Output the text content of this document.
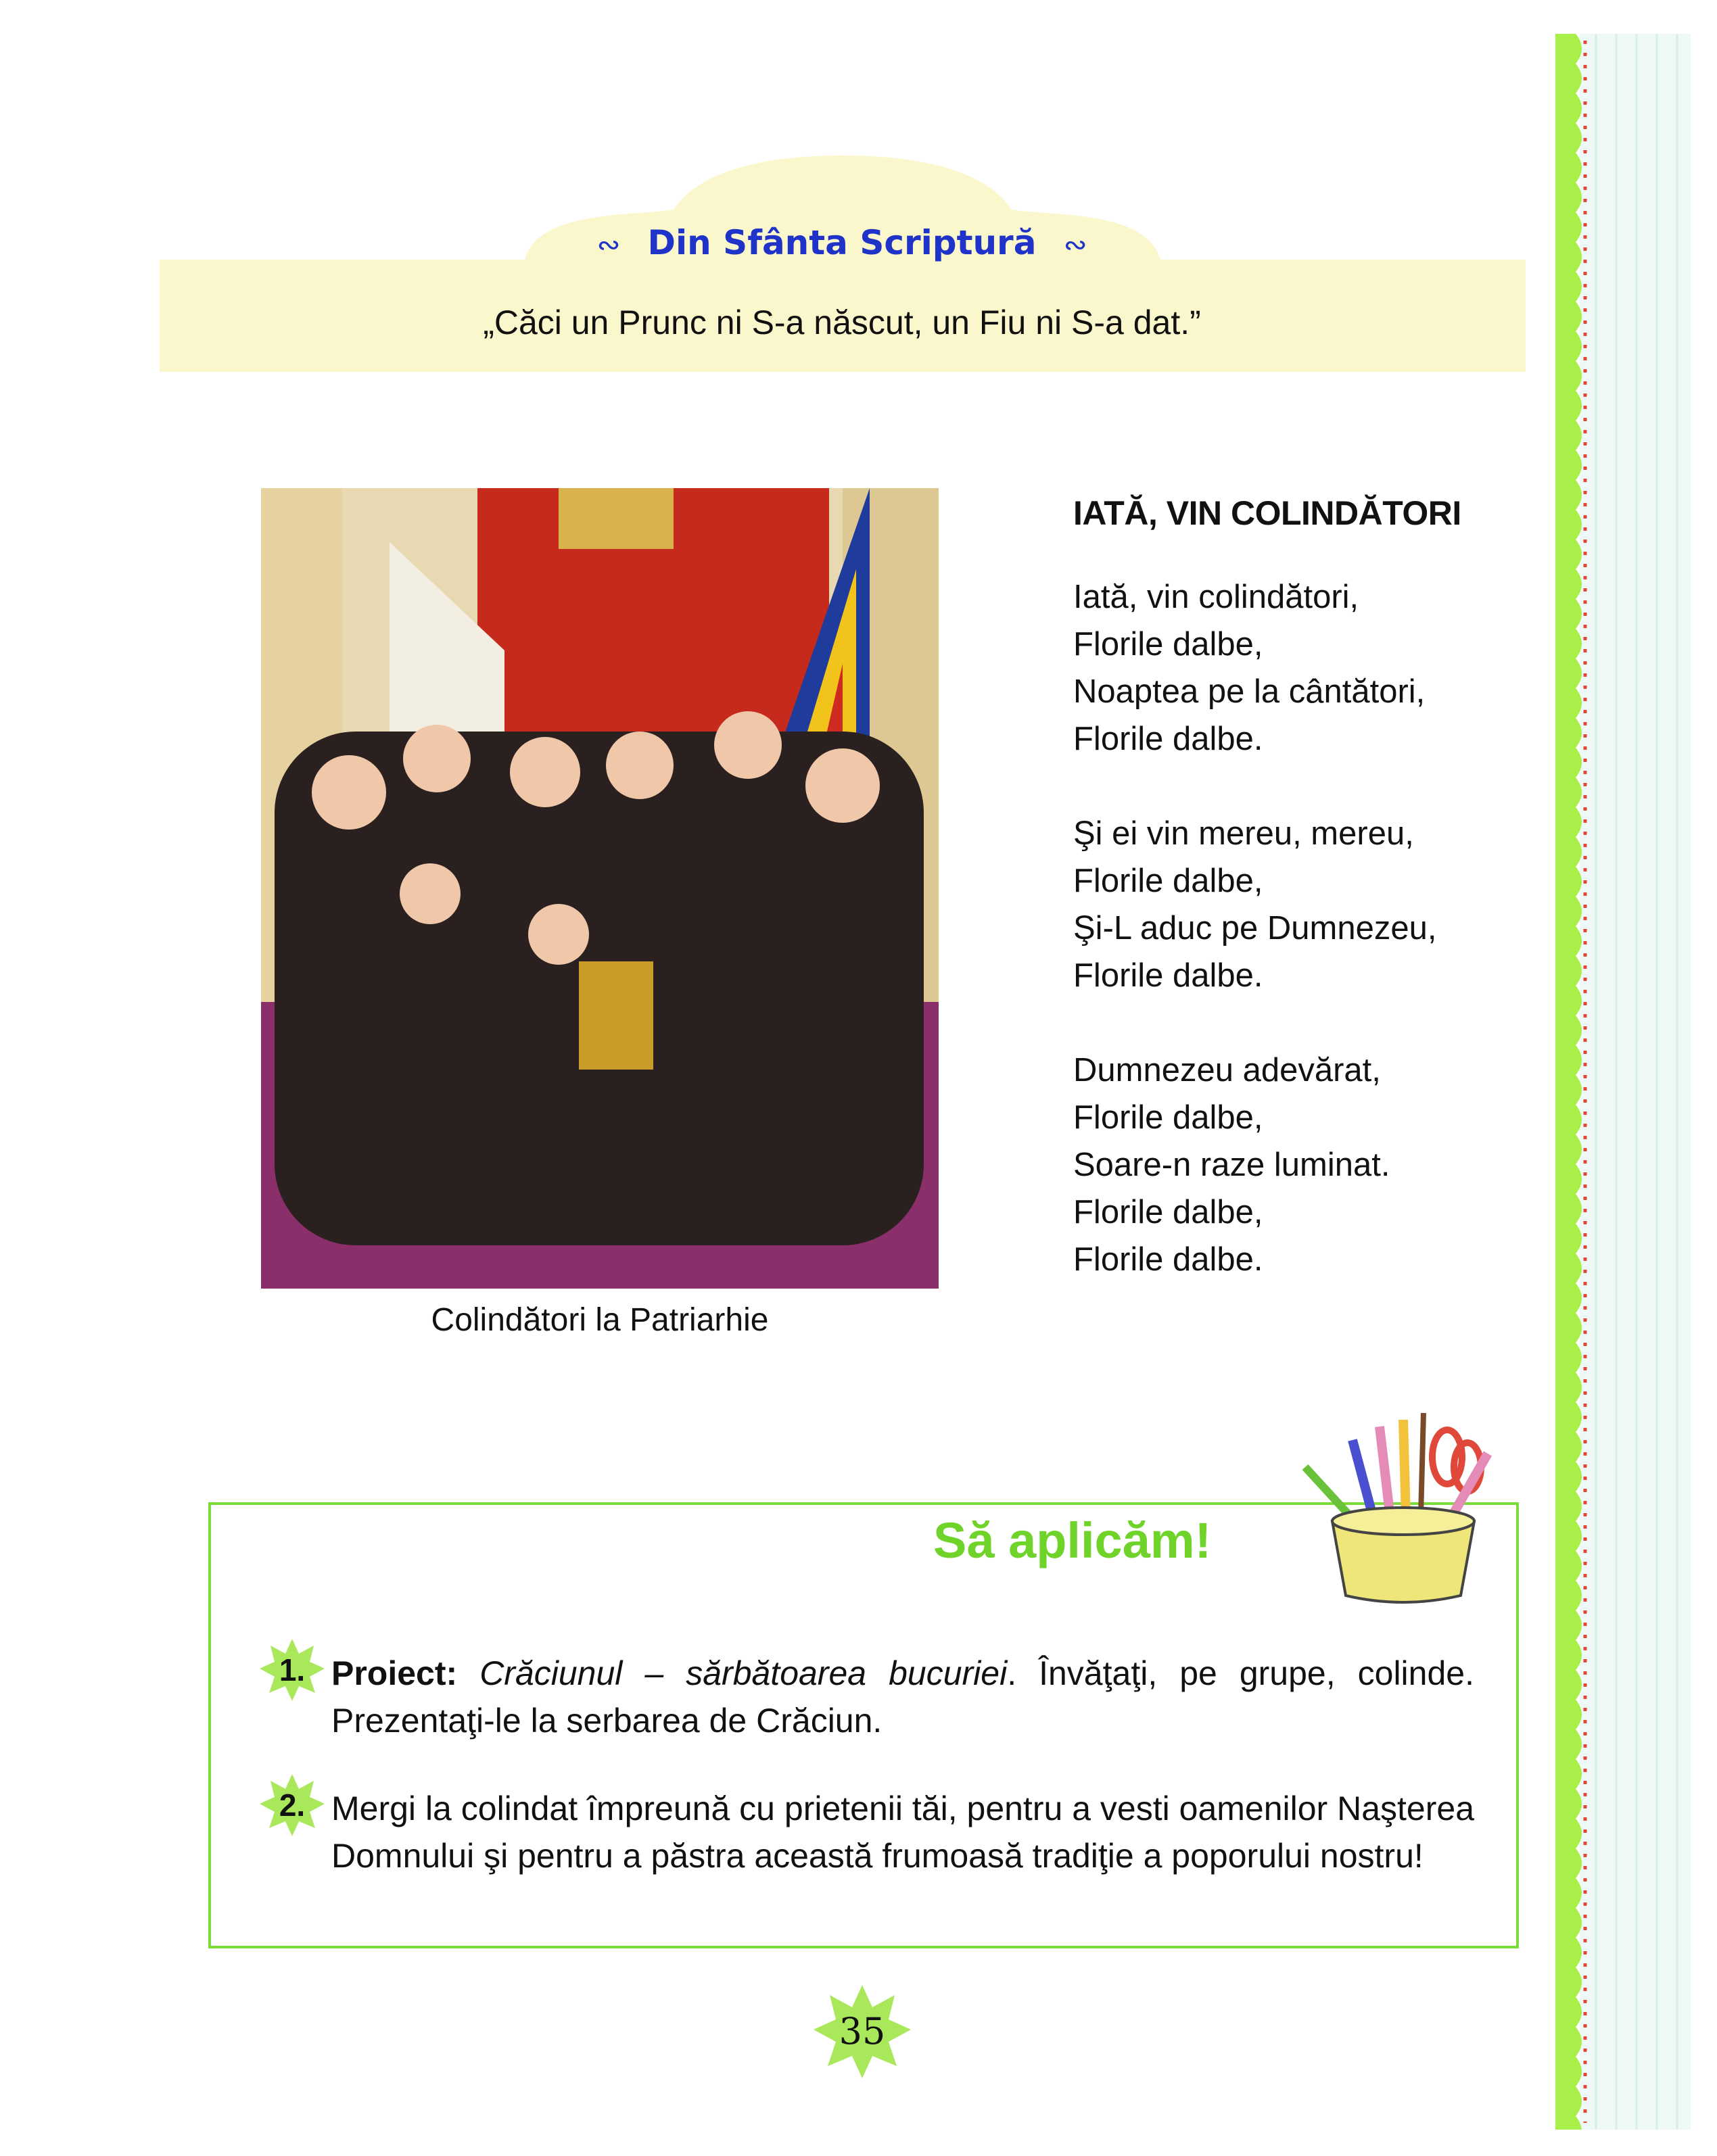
∾ Din Sfânta Scriptură ∾
„Căci un Prunc ni S-a născut, un Fiu ni S-a dat.”
Colindători la Patriarhie
IATĂ, VIN COLINDĂTORI
Iată, vin colindători,
Florile dalbe,
Noaptea pe la cântători,
Florile dalbe.
Şi ei vin mereu, mereu,
Florile dalbe,
Şi-L aduc pe Dumnezeu,
Florile dalbe.
Dumnezeu adevărat,
Florile dalbe,
Soare-n raze luminat.
Florile dalbe,
Florile dalbe.
Să aplicăm!
1. Proiect: Crăciunul – sărbătoarea bucuriei. Învăţaţi, pe grupe, colinde. Prezentaţi-le la serbarea de Crăciun.
2. Mergi la colindat împreună cu prietenii tăi, pentru a vesti oamenilor Naşterea Domnului şi pentru a păstra această frumoasă tradiţie a poporului nostru!
35
